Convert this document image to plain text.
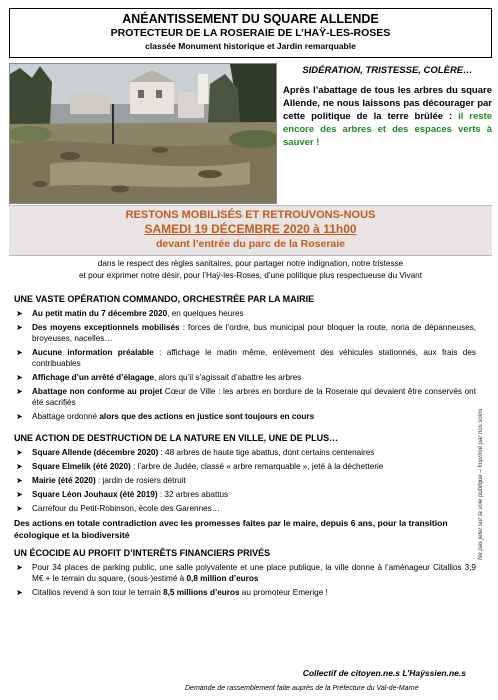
ANÉANTISSEMENT DU SQUARE ALLENDE
PROTECTEUR DE LA ROSERAIE DE L’HAŸ-LES-ROSES
classée Monument historique et Jardin remarquable
SIDÉRATION, TRISTESSE, COLÈRE…
Après l’abattage de tous les arbres du square Allende, ne nous laissons pas décourager par cette politique de la terre brûlée : il reste encore des arbres et des espaces verts à sauver !
RESTONS MOBILISÉS ET RETROUVONS-NOUS
SAMEDI 19 DÉCEMBRE 2020 à 11h00
devant l’entrée du parc de la Roseraie
dans le respect des règles sanitaires, pour partager notre indignation, notre tristesse
et pour exprimer notre désir, pour l’Haÿ-les-Roses, d’une politique plus respectueuse du Vivant
UNE VASTE OPÉRATION COMMANDO, ORCHESTRÉE PAR LA MAIRIE
➤ Au petit matin du 7 décembre 2020, en quelques heures
➤ Des moyens exceptionnels mobilisés : forces de l’ordre, bus municipal pour bloquer la route, noria de dépanneuses, broyeuses, nacelles…
➤ Aucune information préalable : affichage le matin même, enlèvement des véhicules stationnés, aux frais des contribuables
➤ Affichage d’un arrêté d’élagage, alors qu’il s’agissait d’abattre les arbres
➤ Abattage non conforme au projet Cœur de Ville : les arbres en bordure de la Roseraie qui devaient être conservés ont été sacrifiés
➤ Abattage ordonné alors que des actions en justice sont toujours en cours
UNE ACTION DE DESTRUCTION DE LA NATURE EN VILLE, UNE DE PLUS…
➤ Square Allende (décembre 2020) : 48 arbres de haute tige abattus, dont certains centenaires
➤ Square Elmelik (été 2020) : l’arbre de Judée, classé « arbre remarquable », jeté à la déchetterie
➤ Mairie (été 2020) : jardin de rosiers détruit
➤ Square Léon Jouhaux (été 2019) : 32 arbres abattus
➤ Carrefour du Petit-Robinson, école des Garennes…
Des actions en totale contradiction avec les promesses faites par le maire, depuis 6 ans, pour la transition écologique et la biodiversité
UN ÉCOCIDE AU PROFIT D’INTERÊTS FINANCIERS PRIVÉS
➤ Pour 34 places de parking public, une salle polyvalente et une place publique, la ville donne à l’aménageur Citallios 3,9 M€ + le terrain du square, (sous-)estimé à 0,8 million d’euros
➤ Citallios revend à son tour le terrain 8,5 millions d’euros au promoteur Emerige !
Collectif de citoyen.ne.s L’Haÿssien.ne.s
Demande de rassemblement faite auprès de la Préfecture du Val-de-Marne
Ne pas jeter sur la voie publique – Imprimé par nos soins
